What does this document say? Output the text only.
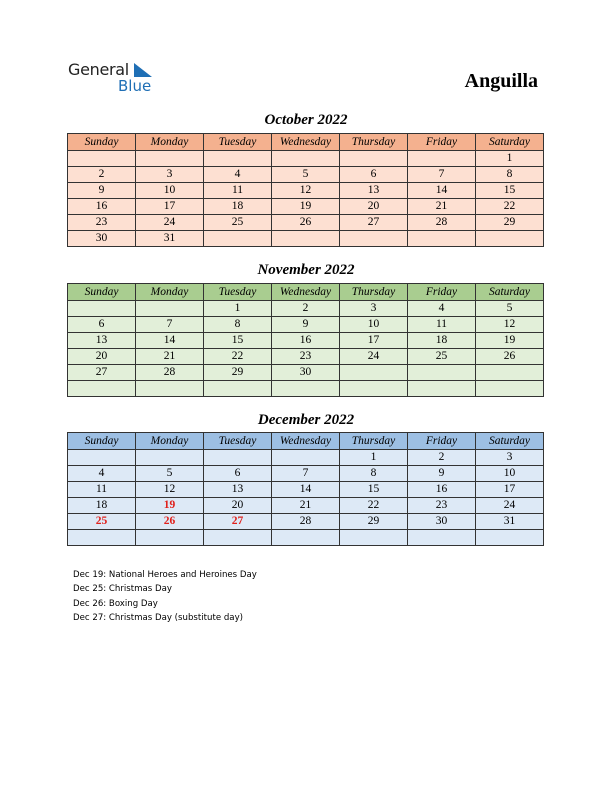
General
Blue	Anguilla
October 2022
Sunday	Monday	Tuesday	Wednesday	Thursday	Friday	Saturday
						1
2	3	4	5	6	7	8
9	10	11	12	13	14	15
16	17	18	19	20	21	22
23	24	25	26	27	28	29
30	31					
November 2022
Sunday	Monday	Tuesday	Wednesday	Thursday	Friday	Saturday
		1	2	3	4	5
6	7	8	9	10	11	12
13	14	15	16	17	18	19
20	21	22	23	24	25	26
27	28	29	30			

December 2022
Sunday	Monday	Tuesday	Wednesday	Thursday	Friday	Saturday
				1	2	3
4	5	6	7	8	9	10
11	12	13	14	15	16	17
18	19	20	21	22	23	24
25	26	27	28	29	30	31

Dec 19: National Heroes and Heroines Day
Dec 25: Christmas Day
Dec 26: Boxing Day
Dec 27: Christmas Day (substitute day)
